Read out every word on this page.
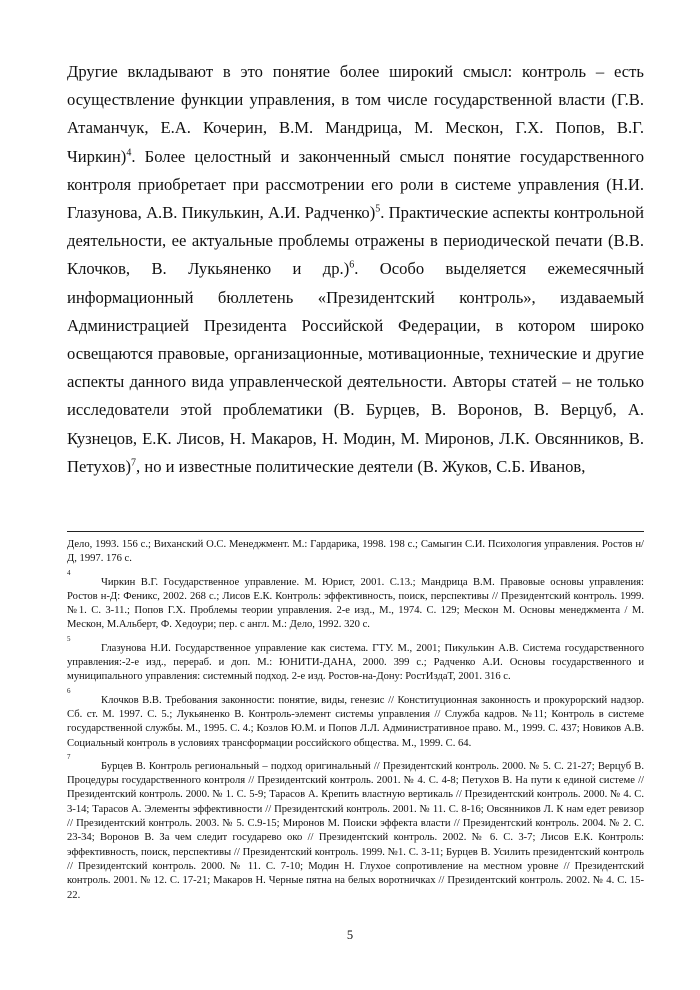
Другие вкладывают в это понятие более широкий смысл: контроль – есть осуществление функции управления, в том числе государственной власти (Г.В. Атаманчук, Е.А. Кочерин, В.М. Мандрица, М. Мескон, Г.Х. Попов, В.Г. Чиркин)$^4$. Более целостный и законченный смысл понятие государственного контроля приобретает при рассмотрении его роли в системе управления (Н.И. Глазунова, А.В. Пикулькин, А.И. Радченко)$^5$. Практические аспекты контрольной деятельности, ее актуальные проблемы отражены в периодической печати (В.В. Клочков, В. Лукьяненко и др.)$^6$. Особо выделяется ежемесячный информационный бюллетень «Президентский контроль», издаваемый Администрацией Президента Российской Федерации, в котором широко освещаются правовые, организационные, мотивационные, технические и другие аспекты данного вида управленческой деятельности. Авторы статей – не только исследователи этой проблематики (В. Бурцев, В. Воронов, В. Верцуб, А. Кузнецов, Е.К. Лисов, Н. Макаров, Н. Модин, М. Миронов, Л.К. Овсянников, В. Петухов)$^7$, но и известные политические деятели (В. Жуков, С.Б. Иванов,

Дело, 1993. 156 с.; Виханский О.С. Менеджмент. М.: Гардарика, 1998. 198 с.; Самыгин С.И. Психология управления. Ростов н/Д, 1997. 176 с.

4

Чиркин В.Г. Государственное управление. М. Юрист, 2001. С.13.; Мандрица В.М. Правовые основы управления: Ростов н-Д: Феникс, 2002. 268 с.; Лисов Е.К. Контроль: эффективность, поиск, перспективы // Президентский контроль. 1999. №1. С. 3-11.; Попов Г.Х. Проблемы теории управления. 2-е изд., М., 1974. С. 129; Мескон М. Основы менеджмента / М. Мескон, М.Альберт, Ф. Хедоури; пер. с англ. М.: Дело, 1992. 320 с.

5

Глазунова Н.И. Государственное управление как система. ГТУ. М., 2001; Пикулькин А.В. Система государственного управления:-2-е изд., перераб. и доп. М.: ЮНИТИ-ДАНА, 2000. 399 с.; Радченко А.И. Основы государственного и муниципального управления: системный подход. 2-е изд. Ростов-на-Дону: РостИздаТ, 2001. 316 с.

6

Клочков В.В. Требования законности: понятие, виды, генезис // Конституционная законность и прокурорский надзор. Сб. ст. М. 1997. С. 5.; Лукьяненко В. Контроль-элемент системы управления // Служба кадров. №11; Контроль в системе государственной службы. М., 1995. С. 4.; Козлов Ю.М. и Попов Л.Л. Административное право. М., 1999. С. 437; Новиков А.В. Социальный контроль в условиях трансформации российского общества. М., 1999. С. 64.

7

Бурцев В. Контроль региональный – подход оригинальный // Президентский контроль. 2000. № 5. С. 21-27; Верцуб В. Процедуры государственного контроля // Президентский контроль. 2001. № 4. С. 4-8; Петухов В. На пути к единой системе // Президентский контроль. 2000. № 1. С. 5-9; Тарасов А. Крепить властную вертикаль // Президентский контроль. 2000. № 4. С. 3-14; Тарасов А. Элементы эффективности // Президентский контроль. 2001. № 11. С. 8-16; Овсянников Л. К нам едет ревизор // Президентский контроль. 2003. № 5. С.9-15; Миронов М. Поиски эффекта власти // Президентский контроль. 2004. № 2. С. 23-34; Воронов В. За чем следит государево око // Президентский контроль. 2002. № 6. С. 3-7; Лисов Е.К. Контроль: эффективность, поиск, перспективы // Президентский контроль. 1999. №1. С. 3-11; Бурцев В. Усилить президентский контроль // Президентский контроль. 2000. № 11. С. 7-10; Модин Н. Глухое сопротивление на местном уровне // Президентский контроль. 2001. № 12. С. 17-21; Макаров Н. Черные пятна на белых воротничках // Президентский контроль. 2002. № 4. С. 15-22.

5
